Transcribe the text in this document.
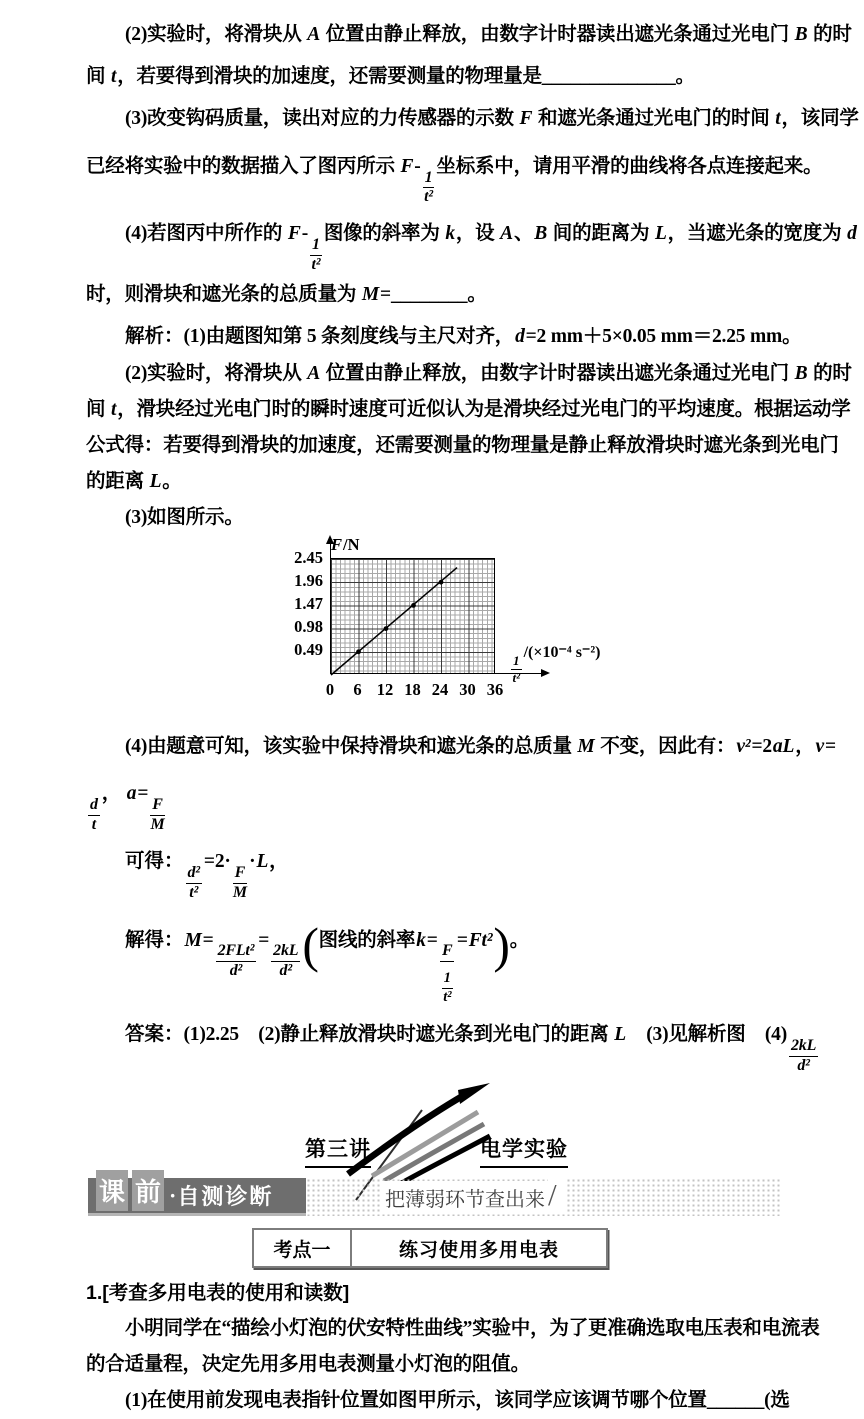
(2)实验时，将滑块从 A 位置由静止释放，由数字计时器读出遮光条通过光电门 B 的时
间 t，若要得到滑块的加速度，还需要测量的物理量是______________。
(3)改变钩码质量，读出对应的力传感器的示数 F 和遮光条通过光电门的时间 t，该同学
已经将实验中的数据描入了图丙所示 F-
$\frac{1}{\text{t²}}$
坐标系中，请用平滑的曲线将各点连接起来。
(4)若图丙中所作的 F-
$\frac{1}{\text{t²}}$
图像的斜率为 k，设 A、B 间的距离为 L，当遮光条的宽度为 d
时，则滑块和遮光条的总质量为 M=________。
解析：(1)由题图知第 5 条刻度线与主尺对齐，d=2 mm＋5×0.05 mm＝2.25 mm。
(2)实验时，将滑块从 A 位置由静止释放，由数字计时器读出遮光条通过光电门 B 的时
间 t，滑块经过光电门时的瞬时速度可近似认为是滑块经过光电门的平均速度。根据运动学
公式得：若要得到滑块的加速度，还需要测量的物理量是静止释放滑块时遮光条到光电门
的距离 L。
(3)如图所示。
F/N
2.45
1.96
1.47
0.98
0.49
0 6 12 18 24 30 36
$\frac{1}{\text{t²}}$
/(×10⁻⁴ s⁻²)
(4)由题意可知，该实验中保持滑块和遮光条的总质量 M 不变，因此有：v²=2aL，v=
$\frac{d}{t}$
， a=
$\frac{F}{M}$
可得：
$\frac{\text{d²}}{\text{t²}}$
=2·
$\frac{F}{M}$
·L，
解得：M=
$\frac{\text{2FLt²}}{\text{d²}}$
=
$\frac{2kL}{\text{d²}}$ (图线的斜率k=
$\frac{F}{\frac{1}{\text{t²}}}$
=Ft²)。
答案：(1)2.25　(2)静止释放滑块时遮光条到光电门的距离 L　(3)见解析图　(4)
$\frac{2kL}{\text{d²}}$
第三讲	电学实验
课 前 · 自测诊断	把薄弱环节查出来 /
考点一	练习使用多用电表
1.[考查多用电表的使用和读数]
小明同学在“描绘小灯泡的伏安特性曲线”实验中，为了更准确选取电压表和电流表
的合适量程，决定先用多用电表测量小灯泡的阻值。
(1)在使用前发现电表指针位置如图甲所示，该同学应该调节哪个位置______(选
